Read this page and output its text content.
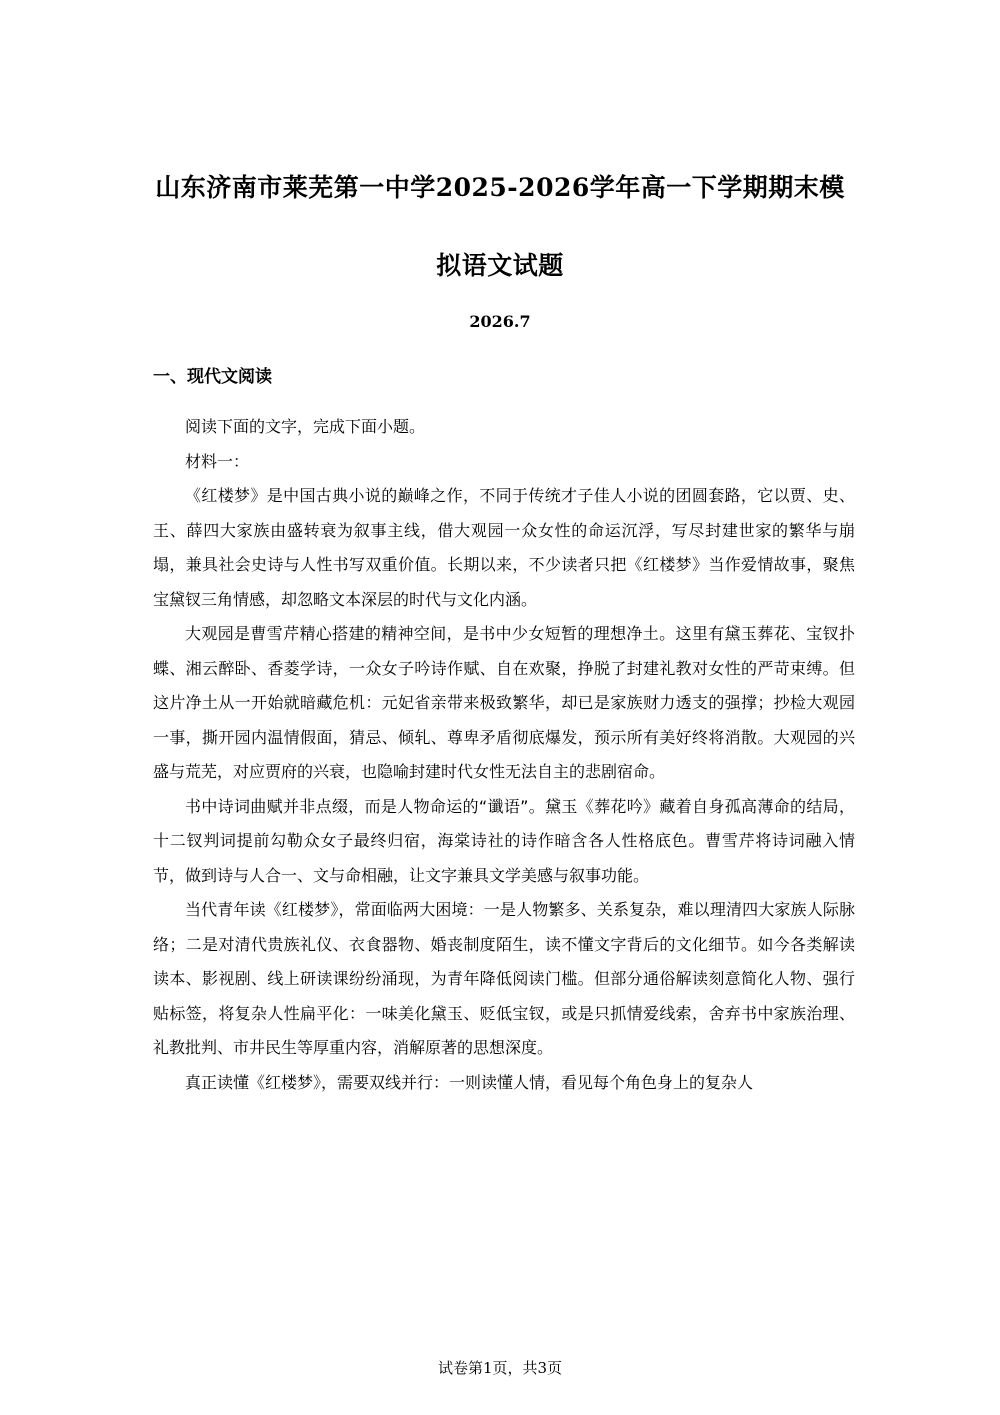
山东济南市莱芜第一中学2025-2026学年高一下学期期末模
拟语文试题
2026.7
一、现代文阅读

阅读下面的文字，完成下面小题。

材料一：

《红楼梦》是中国古典小说的巅峰之作，不同于传统才子佳人小说的团圆套路，它以贾、史、王、薛四大家族由盛转衰为叙事主线，借大观园一众女性的命运沉浮，写尽封建世家的繁华与崩塌，兼具社会史诗与人性书写双重价值。长期以来，不少读者只把《红楼梦》当作爱情故事，聚焦宝黛钗三角情感，却忽略文本深层的时代与文化内涵。

大观园是曹雪芹精心搭建的精神空间，是书中少女短暂的理想净土。这里有黛玉葬花、宝钗扑蝶、湘云醉卧、香菱学诗，一众女子吟诗作赋、自在欢聚，挣脱了封建礼教对女性的严苛束缚。但这片净土从一开始就暗藏危机：元妃省亲带来极致繁华，却已是家族财力透支的强撑；抄检大观园一事，撕开园内温情假面，猜忌、倾轧、尊卑矛盾彻底爆发，预示所有美好终将消散。大观园的兴盛与荒芜，对应贾府的兴衰，也隐喻封建时代女性无法自主的悲剧宿命。

书中诗词曲赋并非点缀，而是人物命运的“谶语”。黛玉《葬花吟》藏着自身孤高薄命的结局，十二钗判词提前勾勒众女子最终归宿，海棠诗社的诗作暗含各人性格底色。曹雪芹将诗词融入情节，做到诗与人合一、文与命相融，让文字兼具文学美感与叙事功能。

当代青年读《红楼梦》，常面临两大困境：一是人物繁多、关系复杂，难以理清四大家族人际脉络；二是对清代贵族礼仪、衣食器物、婚丧制度陌生，读不懂文字背后的文化细节。如今各类解读读本、影视剧、线上研读课纷纷涌现，为青年降低阅读门槛。但部分通俗解读刻意简化人物、强行贴标签，将复杂人性扁平化：一味美化黛玉、贬低宝钗，或是只抓情爱线索，舍弃书中家族治理、礼教批判、市井民生等厚重内容，消解原著的思想深度。

真正读懂《红楼梦》，需要双线并行：一则读懂人情，看见每个角色身上的复杂人

试卷第1页，共3页
